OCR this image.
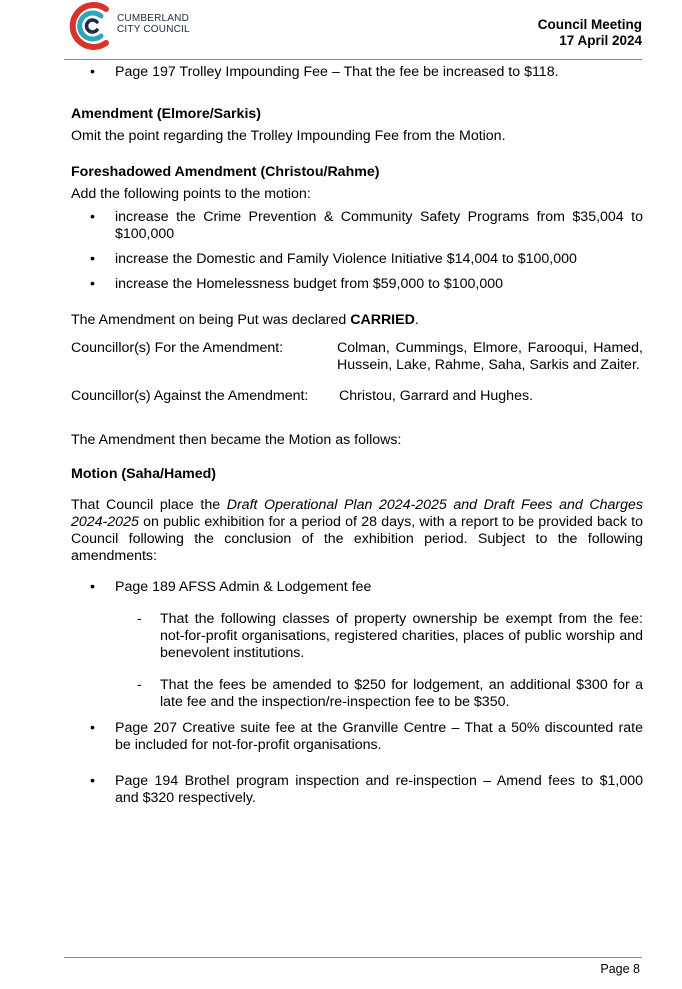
CUMBERLAND
CITY COUNCIL	Council Meeting
17 April 2024
• Page 197 Trolley Impounding Fee – That the fee be increased to $118.
Amendment (Elmore/Sarkis)
Omit the point regarding the Trolley Impounding Fee from the Motion.
Foreshadowed Amendment (Christou/Rahme)
Add the following points to the motion:
• increase the Crime Prevention & Community Safety Programs from $35,004 to $100,000
• increase the Domestic and Family Violence Initiative $14,004 to $100,000
• increase the Homelessness budget from $59,000 to $100,000
The Amendment on being Put was declared CARRIED.
Councillor(s) For the Amendment:	Colman, Cummings, Elmore, Farooqui, Hamed, Hussein, Lake, Rahme, Saha, Sarkis and Zaiter.
Councillor(s) Against the Amendment:	Christou, Garrard and Hughes.
The Amendment then became the Motion as follows:
Motion (Saha/Hamed)
That Council place the Draft Operational Plan 2024-2025 and Draft Fees and Charges 2024-2025 on public exhibition for a period of 28 days, with a report to be provided back to Council following the conclusion of the exhibition period. Subject to the following amendments:
• Page 189 AFSS Admin & Lodgement fee
- That the following classes of property ownership be exempt from the fee: not-for-profit organisations, registered charities, places of public worship and benevolent institutions.
- That the fees be amended to $250 for lodgement, an additional $300 for a late fee and the inspection/re-inspection fee to be $350.
• Page 207 Creative suite fee at the Granville Centre – That a 50% discounted rate be included for not-for-profit organisations.
• Page 194 Brothel program inspection and re-inspection – Amend fees to $1,000 and $320 respectively.
Page 8
